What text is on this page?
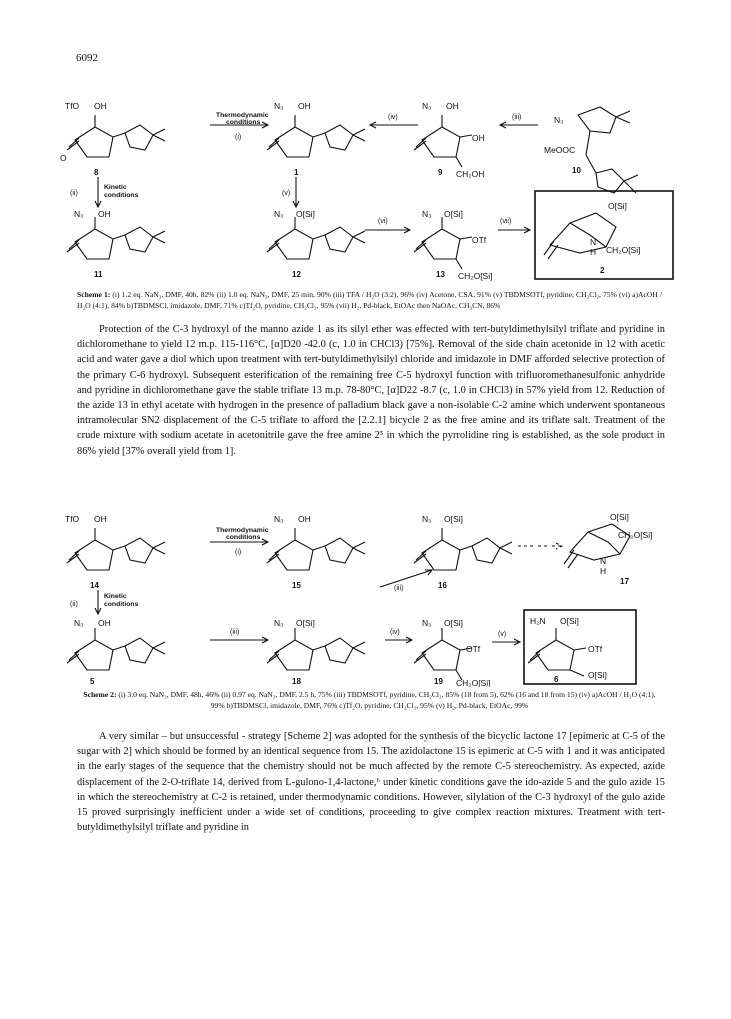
6092
TfO OH
O
8
Thermodynamic
conditions
(i)
N₃ OH
1
(iv)
N₃ OH
OH
CH₂OH
9
(iii)	N₃
MeOOC
10
(ii)
Kinetic
conditions	(v)
N₃ OH
11
N₃ O[Si]
12
(vi)
N₃ O[Si]
OTf
CH₂O[Si]
13
(vii)
O[Si]
N
H CH₂O[Si]
2
Scheme 1: (i) 1.2 eq. NaN₃, DMF, 40h, 82% (ii) 1.0 eq. NaN₃, DMF, 25 min, 90% (iii) TFA / H₂O (3:2), 96% (iv) Acetone, CSA, 91% (v) TBDMSOTf, pyridine, CH₂Cl₂, 75% (vi) a)AcOH / H₂O (4:1), 84% b)TBDMSCl, imidazole, DMF, 71% c)Tf₂O, pyridine, CH₂Cl₂, 95% (vii) H₂, Pd-black, EtOAc then NaOAc, CH₃CN, 86%

Protection of the C-3 hydroxyl of the manno azide 1 as its silyl ether was effected with tert-butyldimethylsilyl triflate and pyridine in dichloromethane to yield 12 m.p. 115-116°C, [α]D20 -42.0 (c, 1.0 in CHCl3) [75%]. Removal of the side chain acetonide in 12 with acetic acid and water gave a diol which upon treatment with tert-butyldimethylsilyl chloride and imidazole in DMF afforded selective protection of the primary C-6 hydroxyl. Subsequent esterification of the remaining free C-5 hydroxyl function with trifluoromethanesulfonic anhydride and pyridine in dichloromethane gave the stable triflate 13 m.p. 78-80°C, [α]D22 -8.7 (c, 1.0 in CHCl3) in 57% yield from 12. Reduction of the azide 13 in ethyl acetate with hydrogen in the presence of palladium black gave a non-isolable C-2 amine which underwent spontaneous intramolecular SN2 displacement of the C-5 triflate to afford the [2.2.1] bicycle 2 as the free amine and its triflate salt. Treatment of the crude mixture with sodium acetate in acetonitrile gave the free amine 2⁵ in which the pyrrolidine ring is established, as the sole product in 86% yield [37% overall yield from 1].

TfO OH
14
Thermodynamic
conditions
(i)
N₃ OH
15
N₃ O[Si]
16
O[Si]
CH₂O[Si]
N
H
17
(ii)
Kinetic
conditions
(iii)
N₃ OH
5
(iii)
N₃ O[Si]
18
(iv)
N₃ O[Si]
OTf
CH₂O[Si]
19
(v)
H₂N O[Si]
OTf
O[Si]
6
Scheme 2: (i) 3.0 eq. NaN₃, DMF, 48h, 46% (ii) 0.97 eq. NaN₃, DMF, 2.5 h, 75% (iii) TBDMSOTf, pyridine, CH₂Cl₂, 85% (18 from 5), 62% (16 and 18 from 15) (iv) a)AcOH / H₂O (4:1), 99% b)TBDMSCl, imidazole, DMF, 76% c)Tf₂O, pyridine, CH₂Cl₂, 95% (v) H₂, Pd-black, EtOAc, 99%

A very similar – but unsuccessful - strategy [Scheme 2] was adopted for the synthesis of the bicyclic lactone 17 [epimeric at C-5 of the sugar with 2] which should be formed by an identical sequence from 15. The azidolactone 15 is epimeric at C-5 with 1 and it was anticipated in the early stages of the sequence that the chemistry should not be much affected by the remote C-5 stereochemistry. As expected, azide displacement of the 2-O-triflate 14, derived from L-gulono-1,4-lactone,⁶ under kinetic conditions gave the ido-azide 5 and the gulo azide 15 in which the stereochemistry at C-2 is retained, under thermodynamic conditions. However, silylation of the C-3 hydroxyl of the gulo azide 15 proved surprisingly inefficient under a wide set of conditions, proceeding to give complex reaction mixtures. Treatment with tert-butyldimethylsilyl triflate and pyridine in
